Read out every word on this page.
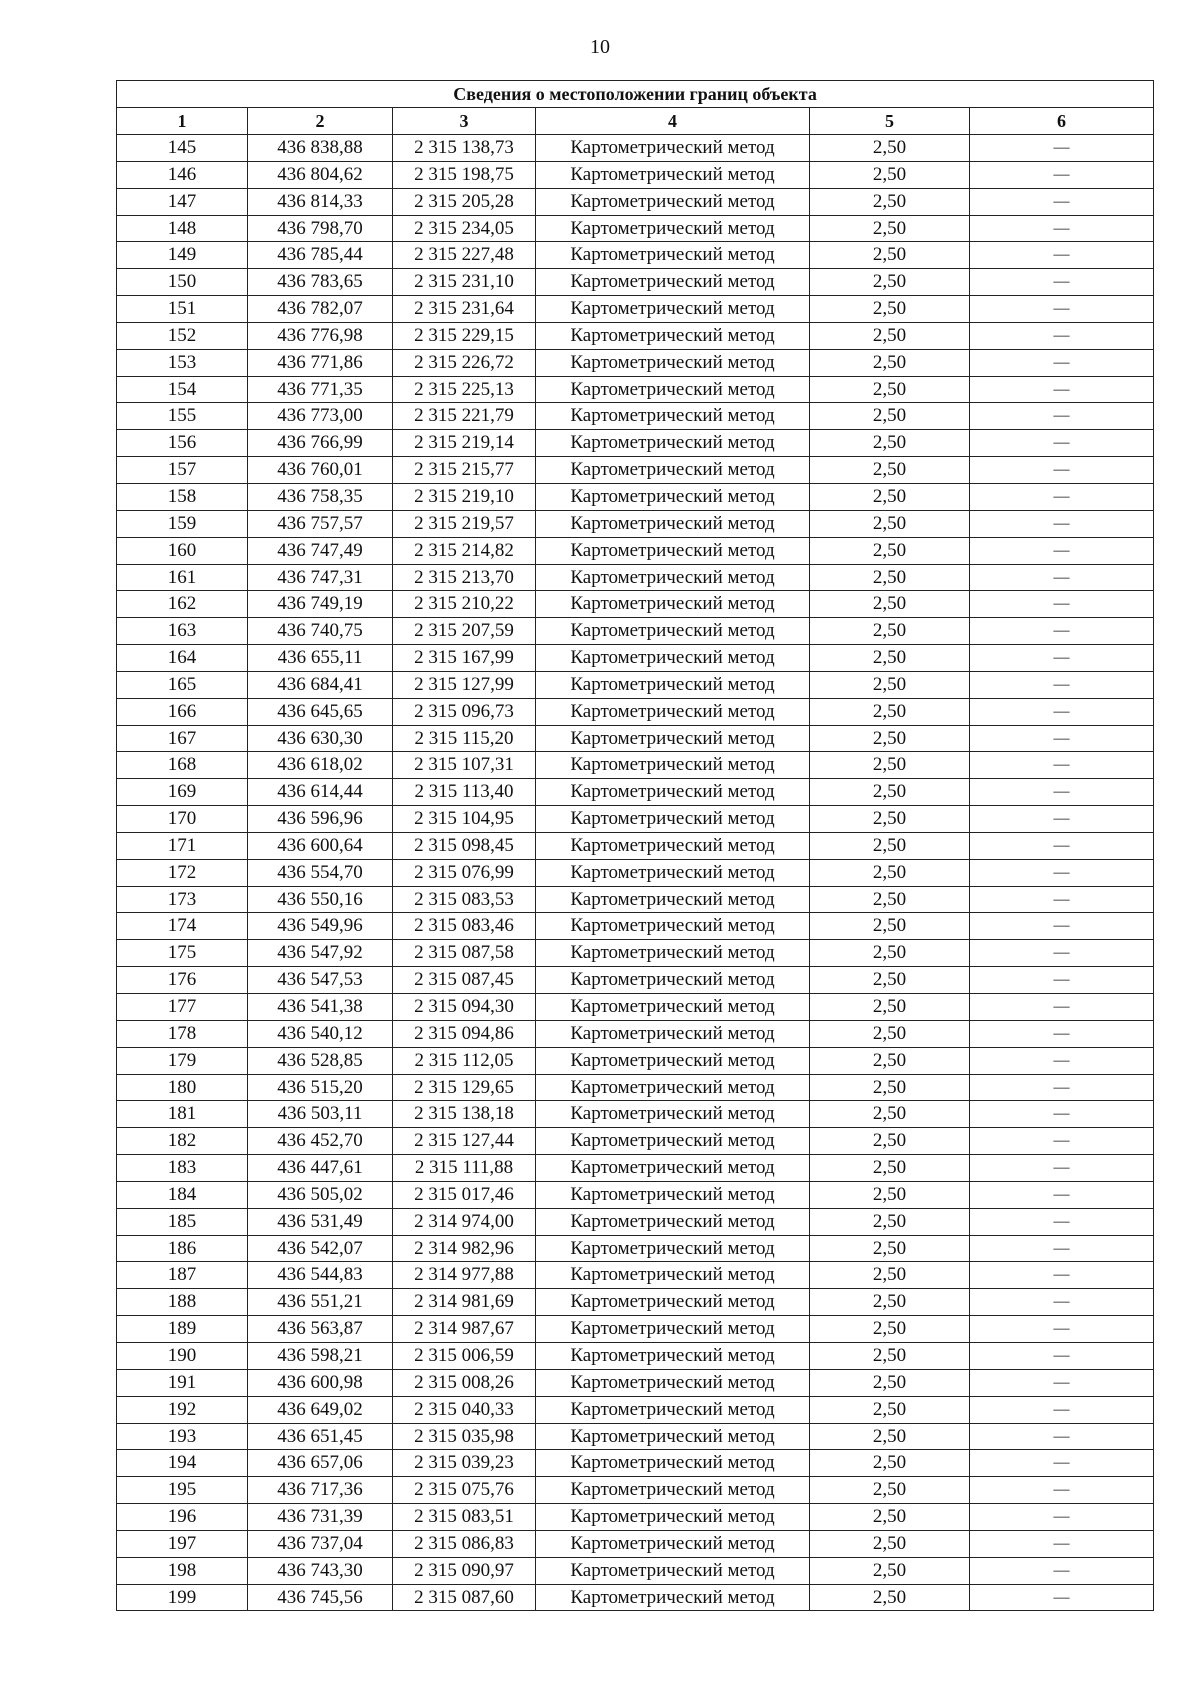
10
Сведения о местоположении границ объекта					
1	2	3	4	5	6
145	436 838,88	2 315 138,73	Картометрический метод	2,50	—
146	436 804,62	2 315 198,75	Картометрический метод	2,50	—
147	436 814,33	2 315 205,28	Картометрический метод	2,50	—
148	436 798,70	2 315 234,05	Картометрический метод	2,50	—
149	436 785,44	2 315 227,48	Картометрический метод	2,50	—
150	436 783,65	2 315 231,10	Картометрический метод	2,50	—
151	436 782,07	2 315 231,64	Картометрический метод	2,50	—
152	436 776,98	2 315 229,15	Картометрический метод	2,50	—
153	436 771,86	2 315 226,72	Картометрический метод	2,50	—
154	436 771,35	2 315 225,13	Картометрический метод	2,50	—
155	436 773,00	2 315 221,79	Картометрический метод	2,50	—
156	436 766,99	2 315 219,14	Картометрический метод	2,50	—
157	436 760,01	2 315 215,77	Картометрический метод	2,50	—
158	436 758,35	2 315 219,10	Картометрический метод	2,50	—
159	436 757,57	2 315 219,57	Картометрический метод	2,50	—
160	436 747,49	2 315 214,82	Картометрический метод	2,50	—
161	436 747,31	2 315 213,70	Картометрический метод	2,50	—
162	436 749,19	2 315 210,22	Картометрический метод	2,50	—
163	436 740,75	2 315 207,59	Картометрический метод	2,50	—
164	436 655,11	2 315 167,99	Картометрический метод	2,50	—
165	436 684,41	2 315 127,99	Картометрический метод	2,50	—
166	436 645,65	2 315 096,73	Картометрический метод	2,50	—
167	436 630,30	2 315 115,20	Картометрический метод	2,50	—
168	436 618,02	2 315 107,31	Картометрический метод	2,50	—
169	436 614,44	2 315 113,40	Картометрический метод	2,50	—
170	436 596,96	2 315 104,95	Картометрический метод	2,50	—
171	436 600,64	2 315 098,45	Картометрический метод	2,50	—
172	436 554,70	2 315 076,99	Картометрический метод	2,50	—
173	436 550,16	2 315 083,53	Картометрический метод	2,50	—
174	436 549,96	2 315 083,46	Картометрический метод	2,50	—
175	436 547,92	2 315 087,58	Картометрический метод	2,50	—
176	436 547,53	2 315 087,45	Картометрический метод	2,50	—
177	436 541,38	2 315 094,30	Картометрический метод	2,50	—
178	436 540,12	2 315 094,86	Картометрический метод	2,50	—
179	436 528,85	2 315 112,05	Картометрический метод	2,50	—
180	436 515,20	2 315 129,65	Картометрический метод	2,50	—
181	436 503,11	2 315 138,18	Картометрический метод	2,50	—
182	436 452,70	2 315 127,44	Картометрический метод	2,50	—
183	436 447,61	2 315 111,88	Картометрический метод	2,50	—
184	436 505,02	2 315 017,46	Картометрический метод	2,50	—
185	436 531,49	2 314 974,00	Картометрический метод	2,50	—
186	436 542,07	2 314 982,96	Картометрический метод	2,50	—
187	436 544,83	2 314 977,88	Картометрический метод	2,50	—
188	436 551,21	2 314 981,69	Картометрический метод	2,50	—
189	436 563,87	2 314 987,67	Картометрический метод	2,50	—
190	436 598,21	2 315 006,59	Картометрический метод	2,50	—
191	436 600,98	2 315 008,26	Картометрический метод	2,50	—
192	436 649,02	2 315 040,33	Картометрический метод	2,50	—
193	436 651,45	2 315 035,98	Картометрический метод	2,50	—
194	436 657,06	2 315 039,23	Картометрический метод	2,50	—
195	436 717,36	2 315 075,76	Картометрический метод	2,50	—
196	436 731,39	2 315 083,51	Картометрический метод	2,50	—
197	436 737,04	2 315 086,83	Картометрический метод	2,50	—
198	436 743,30	2 315 090,97	Картометрический метод	2,50	—
199	436 745,56	2 315 087,60	Картометрический метод	2,50	—
